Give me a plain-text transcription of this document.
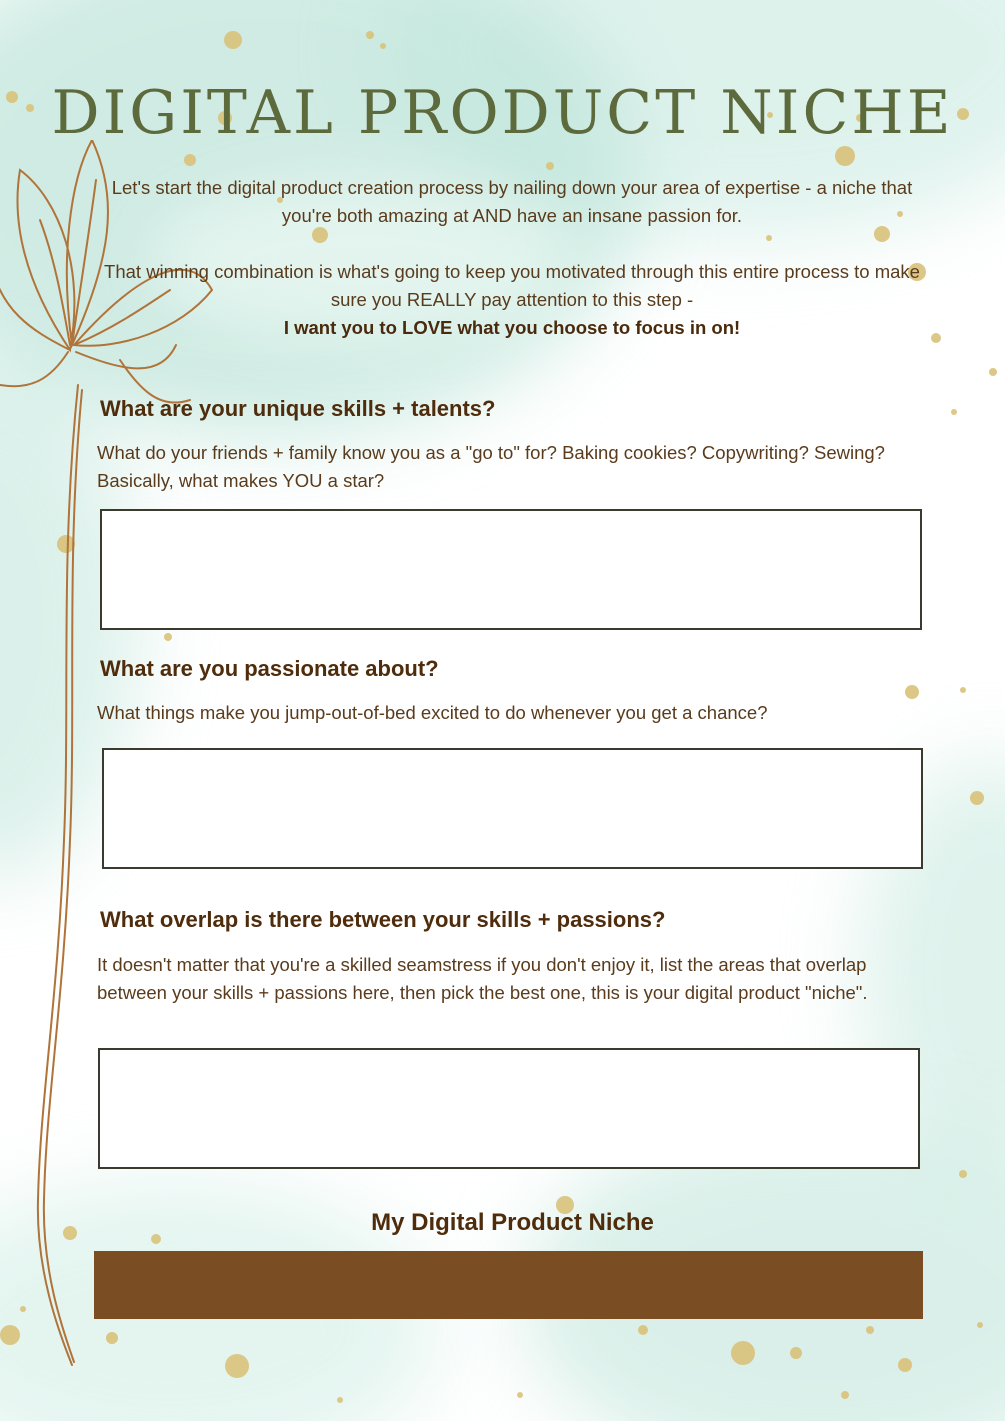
DIGITAL PRODUCT NICHE

Let's start the digital product creation process by nailing down your area of expertise - a niche that you're both amazing at AND have an insane passion for.

That winning combination is what's going to keep you motivated through this entire process to make sure you REALLY pay attention to this step -

I want you to LOVE what you choose to focus in on!

What are your unique skills + talents?

What do your friends + family know you as a "go to" for? Baking cookies? Copywriting? Sewing? Basically, what makes YOU a star?

What are you passionate about?

What things make you jump-out-of-bed excited to do whenever you get a chance?

What overlap is there between your skills + passions?

It doesn't matter that you're a skilled seamstress if you don't enjoy it, list the areas that overlap between your skills + passions here, then pick the best one, this is your digital product "niche".

My Digital Product Niche
